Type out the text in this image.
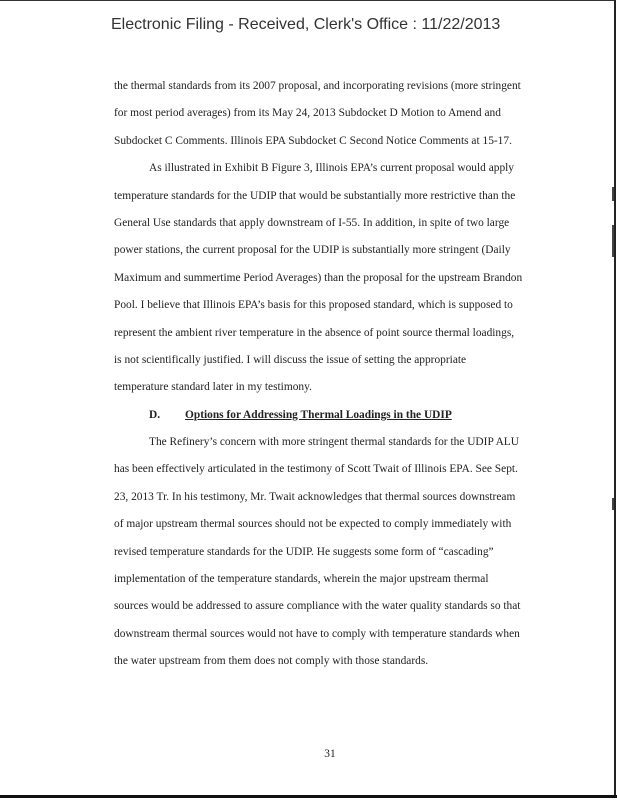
Electronic Filing - Received, Clerk's Office : 11/22/2013
the thermal standards from its 2007 proposal, and incorporating revisions (more stringent
for most period averages) from its May 24, 2013 Subdocket D Motion to Amend and
Subdocket C Comments. Illinois EPA Subdocket C Second Notice Comments at 15-17.
As illustrated in Exhibit B Figure 3, Illinois EPA’s current proposal would apply
temperature standards for the UDIP that would be substantially more restrictive than the
General Use standards that apply downstream of I-55. In addition, in spite of two large
power stations, the current proposal for the UDIP is substantially more stringent (Daily
Maximum and summertime Period Averages) than the proposal for the upstream Brandon
Pool. I believe that Illinois EPA’s basis for this proposed standard, which is supposed to
represent the ambient river temperature in the absence of point source thermal loadings,
is not scientifically justified. I will discuss the issue of setting the appropriate
temperature standard later in my testimony.
D. Options for Addressing Thermal Loadings in the UDIP
The Refinery’s concern with more stringent thermal standards for the UDIP ALU
has been effectively articulated in the testimony of Scott Twait of Illinois EPA. See Sept.
23, 2013 Tr. In his testimony, Mr. Twait acknowledges that thermal sources downstream
of major upstream thermal sources should not be expected to comply immediately with
revised temperature standards for the UDIP. He suggests some form of “cascading”
implementation of the temperature standards, wherein the major upstream thermal
sources would be addressed to assure compliance with the water quality standards so that
downstream thermal sources would not have to comply with temperature standards when
the water upstream from them does not comply with those standards.
31
